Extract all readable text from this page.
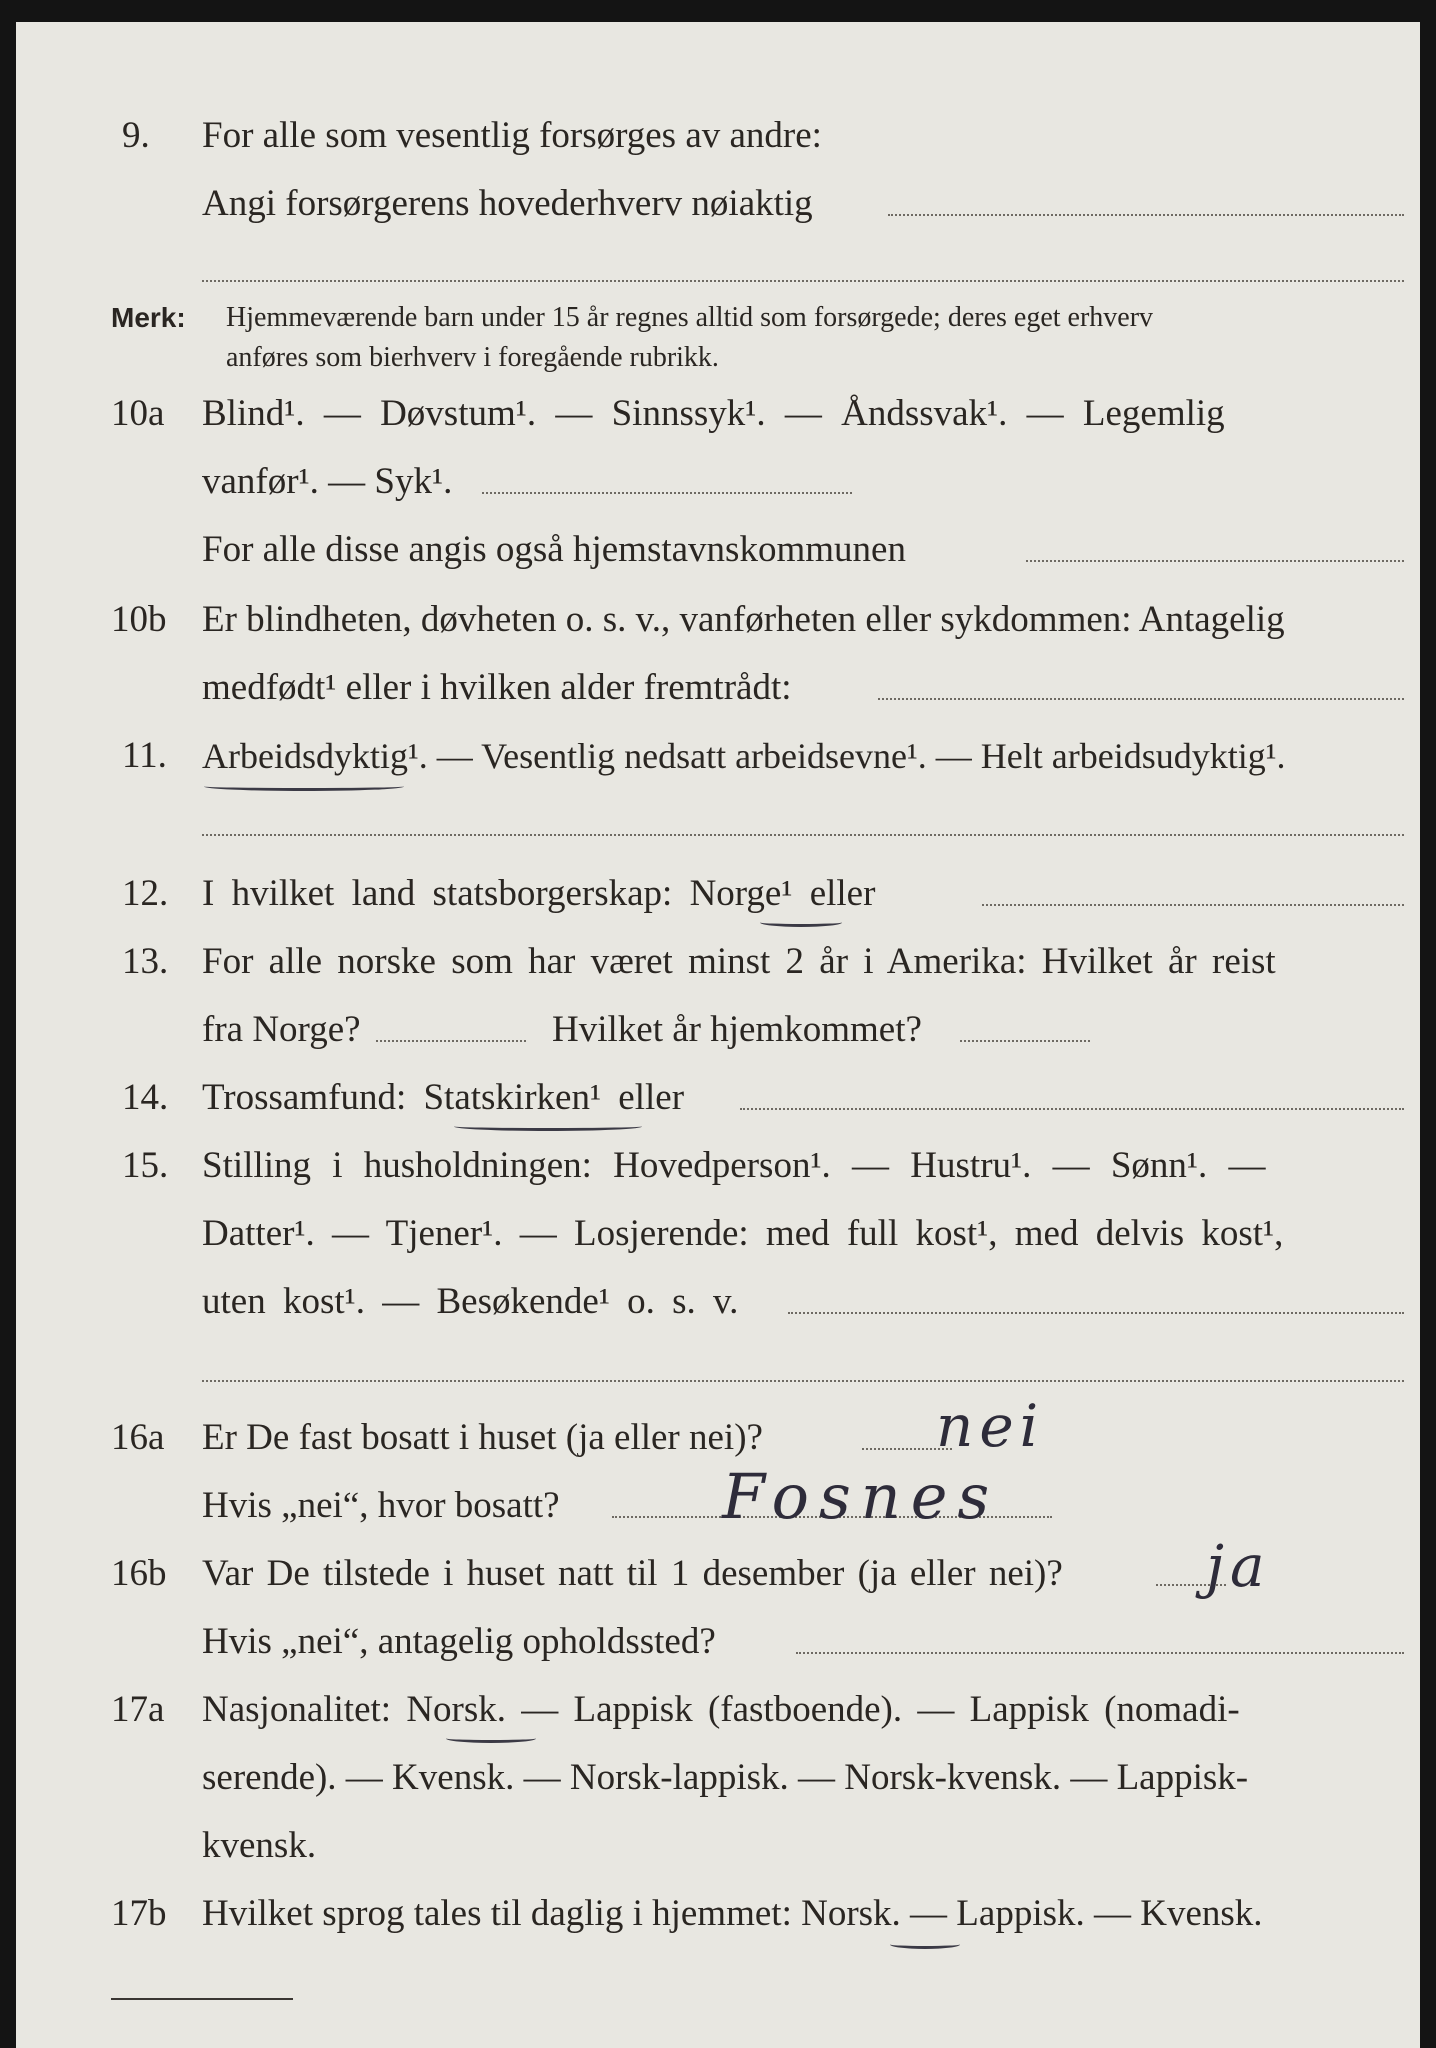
9. For alle som vesentlig forsørges av andre:
Angi forsørgerens hovederhverv nøiaktig
Merk: Hjemmeværende barn under 15 år regnes alltid som forsørgede; deres eget erhverv
anføres som bierhverv i foregående rubrikk.
10a Blind¹. — Døvstum¹. — Sinnssyk¹. — Åndssvak¹. — Legemlig
vanfør¹. — Syk¹.
For alle disse angis også hjemstavnskommunen
10b Er blindheten, døvheten o. s. v., vanførheten eller sykdommen: Antagelig
medfødt¹ eller i hvilken alder fremtrådt:
11. Arbeidsdyktig¹. — Vesentlig nedsatt arbeidsevne¹. — Helt arbeidsudyktig¹.
12. I hvilket land statsborgerskap: Norge¹ eller
13. For alle norske som har været minst 2 år i Amerika: Hvilket år reist
fra Norge?	Hvilket år hjemkommet?
14. Trossamfund: Statskirken¹ eller
15. Stilling i husholdningen: Hovedperson¹. — Hustru¹. — Sønn¹. —
Datter¹. — Tjener¹. — Losjerende: med full kost¹, med delvis kost¹,
uten kost¹. — Besøkende¹ o. s. v.
16a Er De fast bosatt i huset (ja eller nei)?	nei
Hvis „nei“, hvor bosatt?	Fosnes
16b Var De tilstede i huset natt til 1 desember (ja eller nei)? ja
Hvis „nei“, antagelig opholdssted?
17a Nasjonalitet: Norsk. — Lappisk (fastboende). — Lappisk (nomadi-
serende). — Kvensk. — Norsk-lappisk. — Norsk-kvensk. — Lappisk-
kvensk.
17b Hvilket sprog tales til daglig i hjemmet: Norsk. — Lappisk. — Kvensk.
